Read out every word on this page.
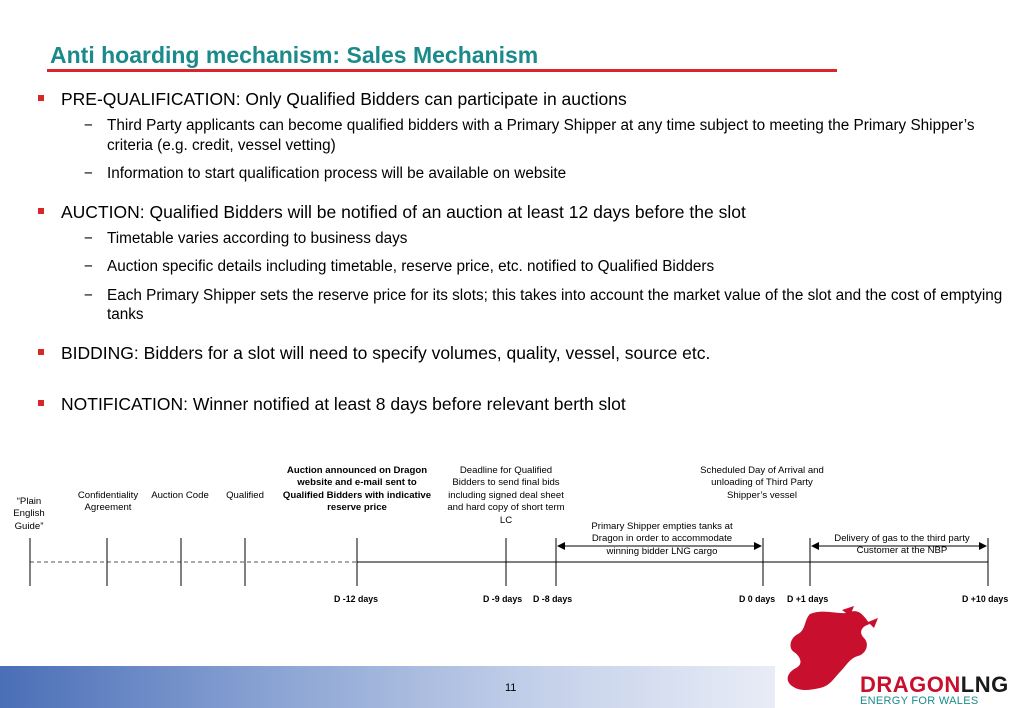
Anti hoarding mechanism: Sales Mechanism
PRE-QUALIFICATION: Only Qualified Bidders can participate in auctions
− Third Party applicants can become qualified bidders with a Primary Shipper at any time subject to meeting the Primary Shipper’s criteria (e.g. credit, vessel vetting)
− Information to start qualification process will be available on website
AUCTION: Qualified Bidders will be notified of an auction at least 12 days before the slot
− Timetable varies according to business days
− Auction specific details including timetable, reserve price, etc. notified to Qualified Bidders
− Each Primary Shipper sets the reserve price for its slots; this takes into account the market value of the slot and the cost of emptying tanks
BIDDING: Bidders for a slot will need to specify volumes, quality, vessel, source etc.
NOTIFICATION: Winner notified at least 8 days before relevant berth slot
“Plain English Guide”
Confidentiality Agreement
Auction Code	Qualified
Auction announced on Dragon website and e-mail sent to Qualified Bidders with indicative reserve price
Deadline for Qualified Bidders to send final bids including signed deal sheet and hard copy of short term LC
Primary Shipper empties tanks at Dragon in order to accommodate winning bidder LNG cargo
Scheduled Day of Arrival and unloading of Third Party Shipper’s vessel
Delivery of gas to the third party Customer at the NBP
D -12 days	D -9 days D -8 days	D 0 days D +1 days	D +10 days
11	DRAGONLNG
ENERGY FOR WALES
